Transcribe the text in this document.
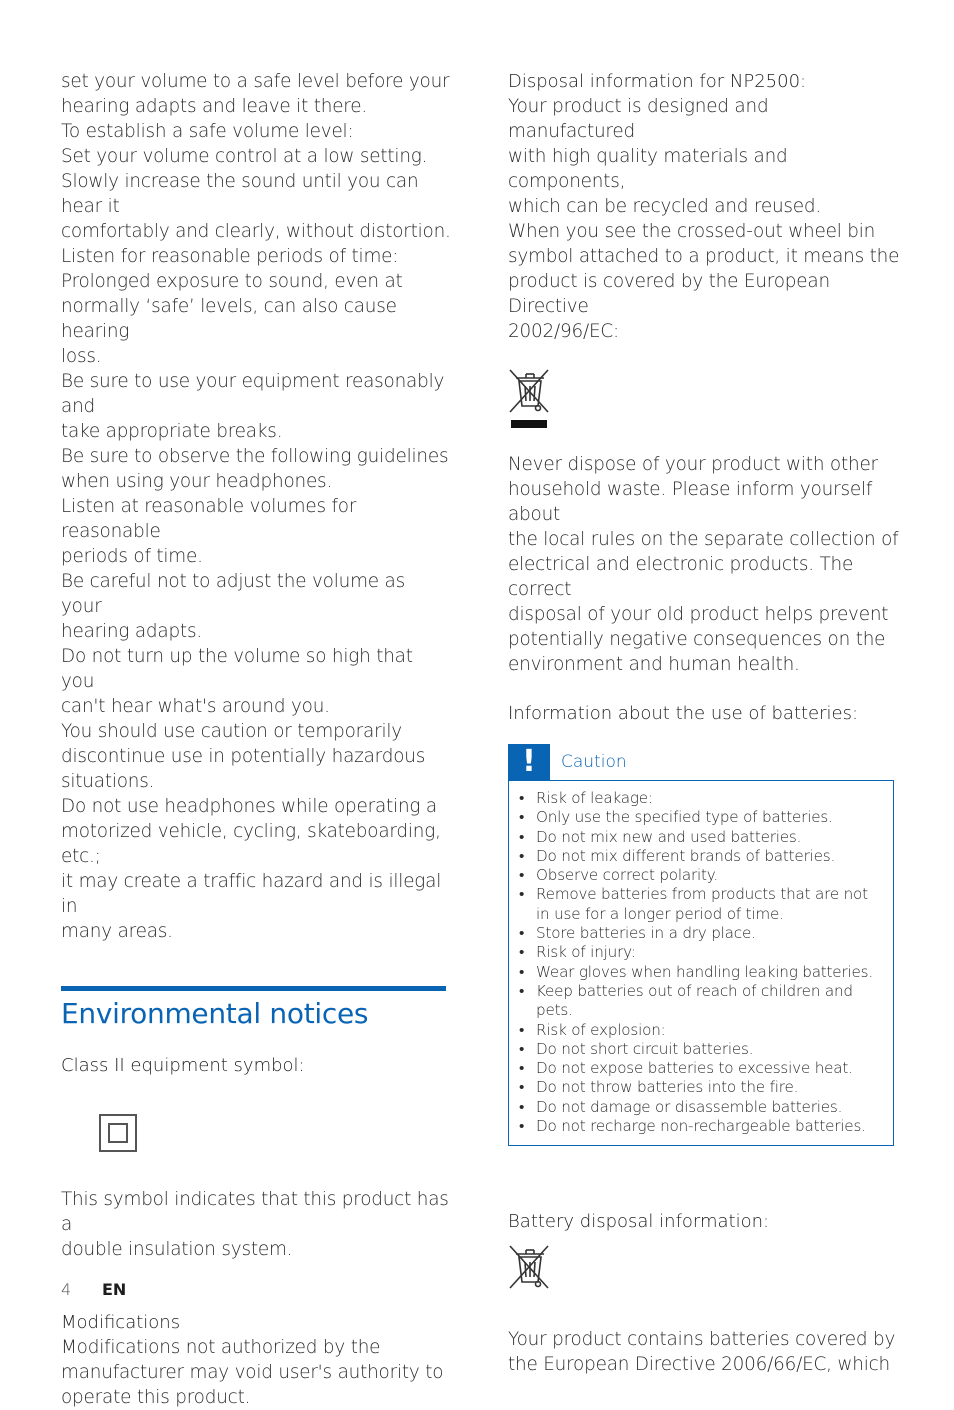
set your volume to a safe level before your
hearing adapts and leave it there.
To establish a safe volume level:
Set your volume control at a low setting.
Slowly increase the sound until you can hear it
comfortably and clearly, without distortion.
Listen for reasonable periods of time:
Prolonged exposure to sound, even at
normally ‘safe’ levels, can also cause hearing
loss.
Be sure to use your equipment reasonably and
take appropriate breaks.
Be sure to observe the following guidelines
when using your headphones.
Listen at reasonable volumes for reasonable
periods of time.
Be careful not to adjust the volume as your
hearing adapts.
Do not turn up the volume so high that you
can't hear what's around you.
You should use caution or temporarily
discontinue use in potentially hazardous
situations.
Do not use headphones while operating a
motorized vehicle, cycling, skateboarding, etc.;
it may create a traffic hazard and is illegal in
many areas.
Environmental notices
Class II equipment symbol:
This symbol indicates that this product has a
double insulation system.
Modifications
Modifications not authorized by the
manufacturer may void user's authority to
operate this product.
Disposal information for NP2500:
Your product is designed and manufactured
with high quality materials and components,
which can be recycled and reused.
When you see the crossed-out wheel bin
symbol attached to a product, it means the
product is covered by the European Directive
2002/96/EC:
Never dispose of your product with other
household waste. Please inform yourself about
the local rules on the separate collection of
electrical and electronic products. The correct
disposal of your old product helps prevent
potentially negative consequences on the
environment and human health.
Information about the use of batteries:
!	Caution
• Risk of leakage:
• Only use the specified type of batteries.
• Do not mix new and used batteries.
• Do not mix different brands of batteries.
• Observe correct polarity.
• Remove batteries from products that are not in use for a longer period of time.
• Store batteries in a dry place.
• Risk of injury:
• Wear gloves when handling leaking batteries.
• Keep batteries out of reach of children and pets.
• Risk of explosion:
• Do not short circuit batteries.
• Do not expose batteries to excessive heat.
• Do not throw batteries into the fire.
• Do not damage or disassemble batteries.
• Do not recharge non-rechargeable batteries.
Battery disposal information:
Your product contains batteries covered by
the European Directive 2006/66/EC, which
4	EN
